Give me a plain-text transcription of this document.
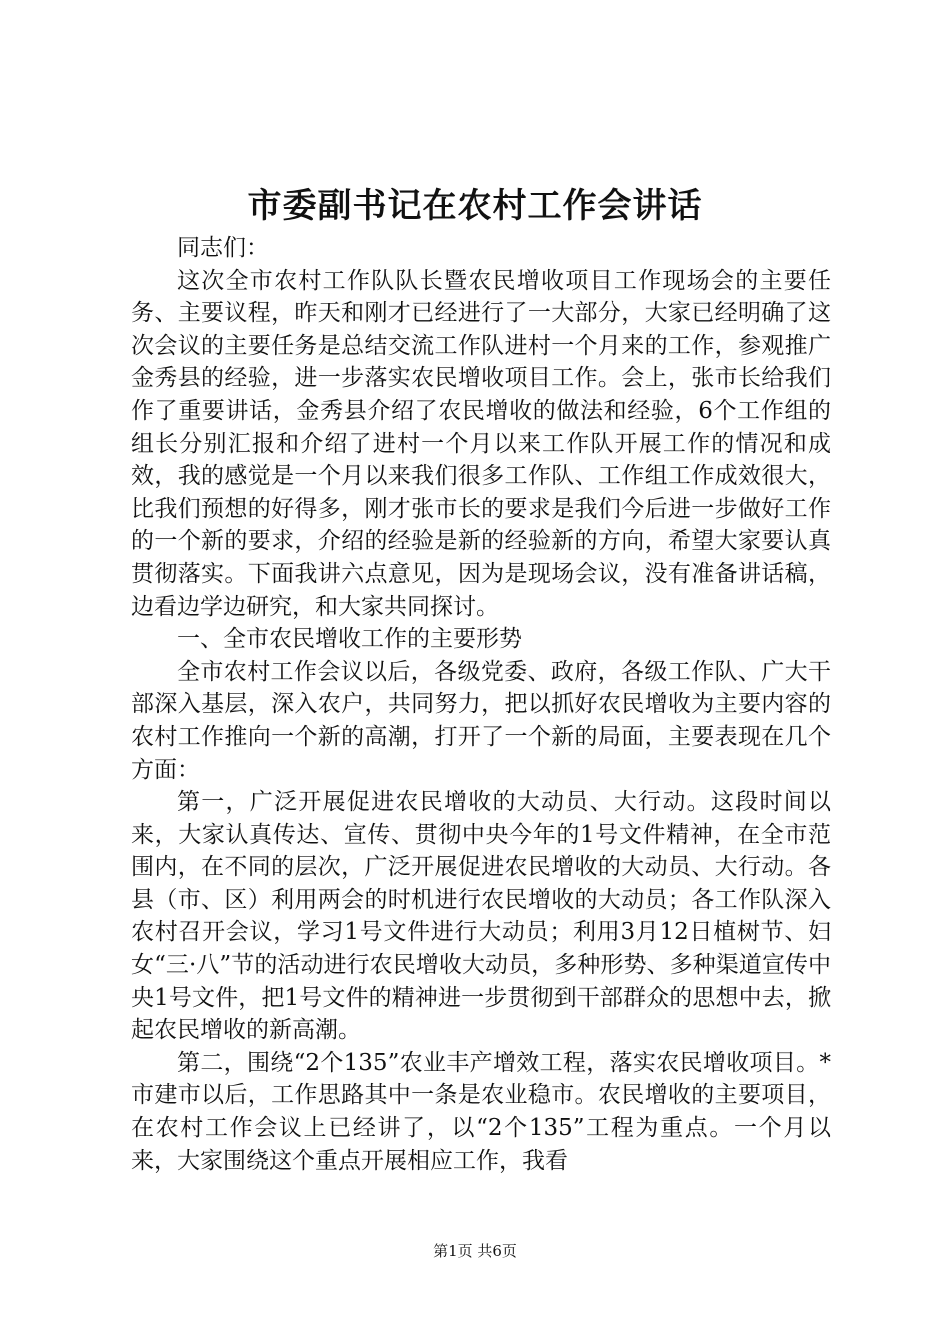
市委副书记在农村工作会讲话

同志们：

这次全市农村工作队队长暨农民增收项目工作现场会的主要任务、主要议程，昨天和刚才已经进行了一大部分，大家已经明确了这次会议的主要任务是总结交流工作队进村一个月来的工作，参观推广金秀县的经验，进一步落实农民增收项目工作。会上，张市长给我们作了重要讲话，金秀县介绍了农民增收的做法和经验，6个工作组的组长分别汇报和介绍了进村一个月以来工作队开展工作的情况和成效，我的感觉是一个月以来我们很多工作队、工作组工作成效很大，比我们预想的好得多，刚才张市长的要求是我们今后进一步做好工作的一个新的要求，介绍的经验是新的经验新的方向，希望大家要认真贯彻落实。下面我讲六点意见，因为是现场会议，没有准备讲话稿，边看边学边研究，和大家共同探讨。

一、全市农民增收工作的主要形势

全市农村工作会议以后，各级党委、政府，各级工作队、广大干部深入基层，深入农户，共同努力，把以抓好农民增收为主要内容的农村工作推向一个新的高潮，打开了一个新的局面，主要表现在几个方面：

第一，广泛开展促进农民增收的大动员、大行动。这段时间以来，大家认真传达、宣传、贯彻中央今年的1号文件精神，在全市范围内，在不同的层次，广泛开展促进农民增收的大动员、大行动。各县（市、区）利用两会的时机进行农民增收的大动员；各工作队深入农村召开会议，学习1号文件进行大动员；利用3月12日植树节、妇女“三·八”节的活动进行农民增收大动员，多种形势、多种渠道宣传中央1号文件，把1号文件的精神进一步贯彻到干部群众的思想中去，掀起农民增收的新高潮。

第二，围绕“2个135”农业丰产增效工程，落实农民增收项目。*市建市以后，工作思路其中一条是农业稳市。农民增收的主要项目，在农村工作会议上已经讲了，以“2个135”工程为重点。一个月以来，大家围绕这个重点开展相应工作，我看

第1页 共6页
